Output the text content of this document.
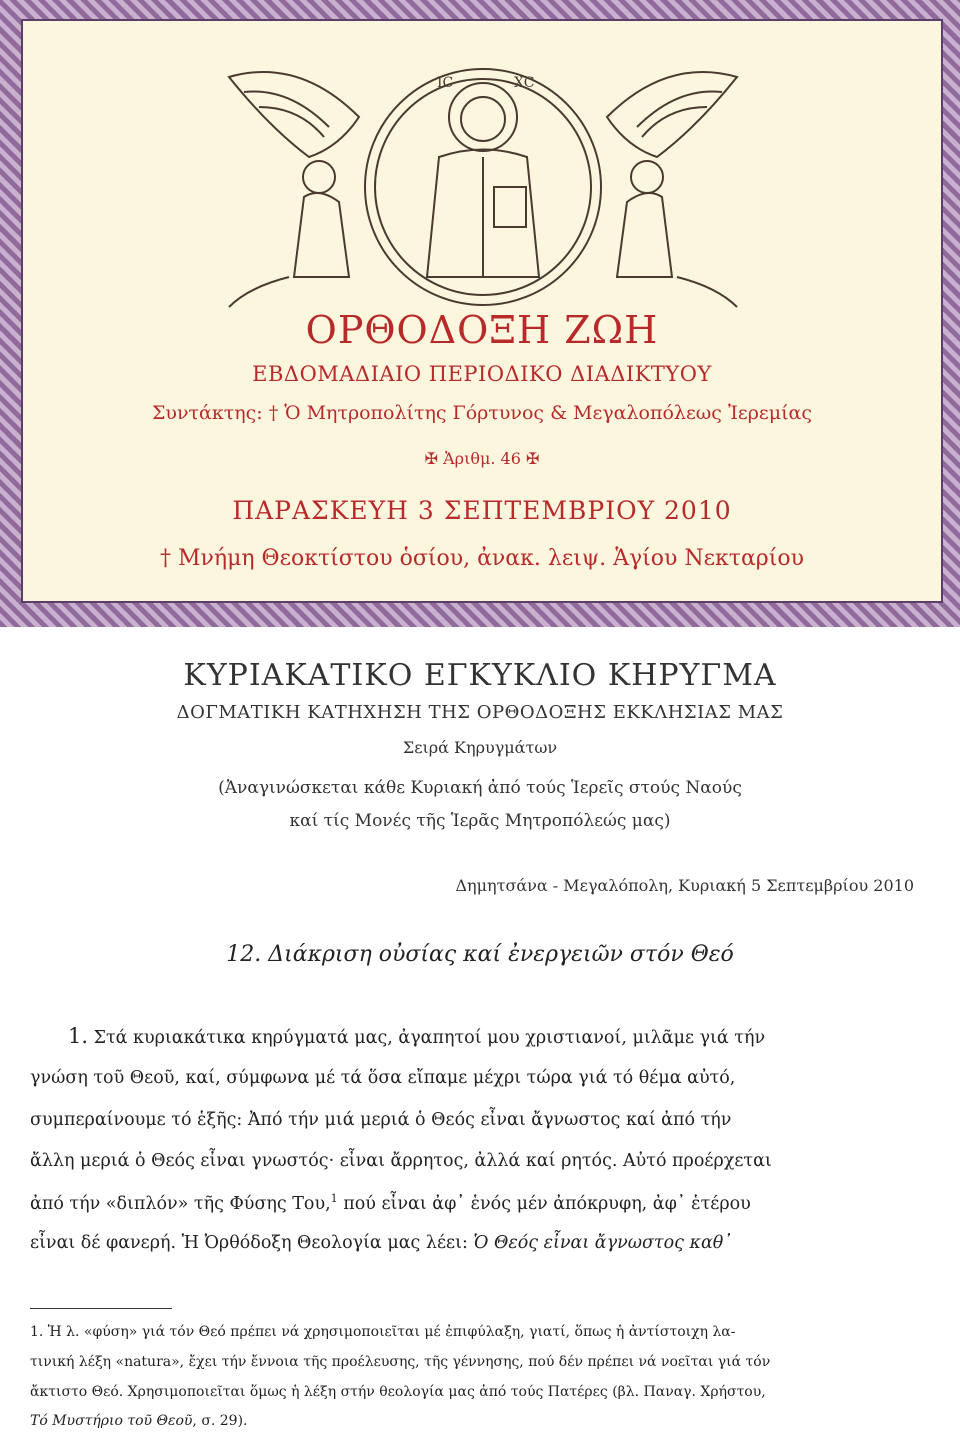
IC	XC
ΟΡΘΟΔΟΞΗ ΖΩΗ
ΕΒΔΟΜΑΔΙΑΙΟ ΠΕΡΙΟΔΙΚΟ ΔΙΑΔΙΚΤΥΟΥ
Συντάκτης: † Ὁ Μητροπολίτης Γόρτυνος & Μεγαλοπόλεως Ἰερεμίας
✠ Ἀριθμ. 46 ✠
ΠΑΡΑΣΚΕΥΗ 3 ΣΕΠΤΕΜΒΡΙΟΥ 2010
† Μνήμη Θεοκτίστου ὁσίου, ἀνακ. λειψ. Ἁγίου Νεκταρίου
ΚΥΡΙΑΚΑΤΙΚΟ ΕΓΚΥΚΛΙΟ ΚΗΡΥΓΜΑ
ΔΟΓΜΑΤΙΚΗ ΚΑΤΗΧΗΣΗ ΤΗΣ ΟΡΘΟΔΟΞΗΣ ΕΚΚΛΗΣΙΑΣ ΜΑΣ
Σειρά Κηρυγμάτων
(Ἀναγινώσκεται κάθε Κυριακή ἀπό τούς Ἱερεῖς στούς Ναούς
καί τίς Μονές τῆς Ἱερᾶς Μητροπόλεώς μας)
Δημητσάνα - Μεγαλόπολη, Κυριακή 5 Σεπτεμβρίου 2010
12. Διάκριση οὐσίας καί ἐνεργειῶν στόν Θεό
1. Στά κυριακάτικα κηρύγματά μας, ἀγαπητοί μου χριστιανοί, μιλᾶμε γιά τήν
γνώση τοῦ Θεοῦ, καί, σύμφωνα μέ τά ὅσα εἴπαμε μέχρι τώρα γιά τό θέμα αὐτό,
συμπεραίνουμε τό ἑξῆς: Ἀπό τήν μιά μεριά ὁ Θεός εἶναι ἄγνωστος καί ἀπό τήν
ἄλλη μεριά ὁ Θεός εἶναι γνωστός· εἶναι ἄρρητος, ἀλλά καί ρητός. Αὐτό προέρχεται
ἀπό τήν «διπλόν» τῆς Φύσης Του,$^1$ πού εἶναι ἀφ᾽ ἑνός μέν ἀπόκρυφη, ἀφ᾽ ἑτέρου
εἶναι δέ φανερή. Ἡ Ὀρθόδοξη Θεολογία μας λέει: Ὁ Θεός εἶναι ἄγνωστος καθ᾽
1. Ἡ λ. «φύση» γιά τόν Θεό πρέπει νά χρησιμοποιεῖται μέ ἐπιφύλαξη, γιατί, ὅπως ἡ ἀντίστοιχη λα-
τινική λέξη «natura», ἔχει τήν ἔννοια τῆς προέλευσης, τῆς γέννησης, πού δέν πρέπει νά νοεῖται γιά τόν
ἄκτιστο Θεό. Χρησιμοποιεῖται ὅμως ἡ λέξη στήν θεολογία μας ἀπό τούς Πατέρες (βλ. Παναγ. Χρήστου,
Τό Μυστήριο τοῦ Θεοῦ, σ. 29).
